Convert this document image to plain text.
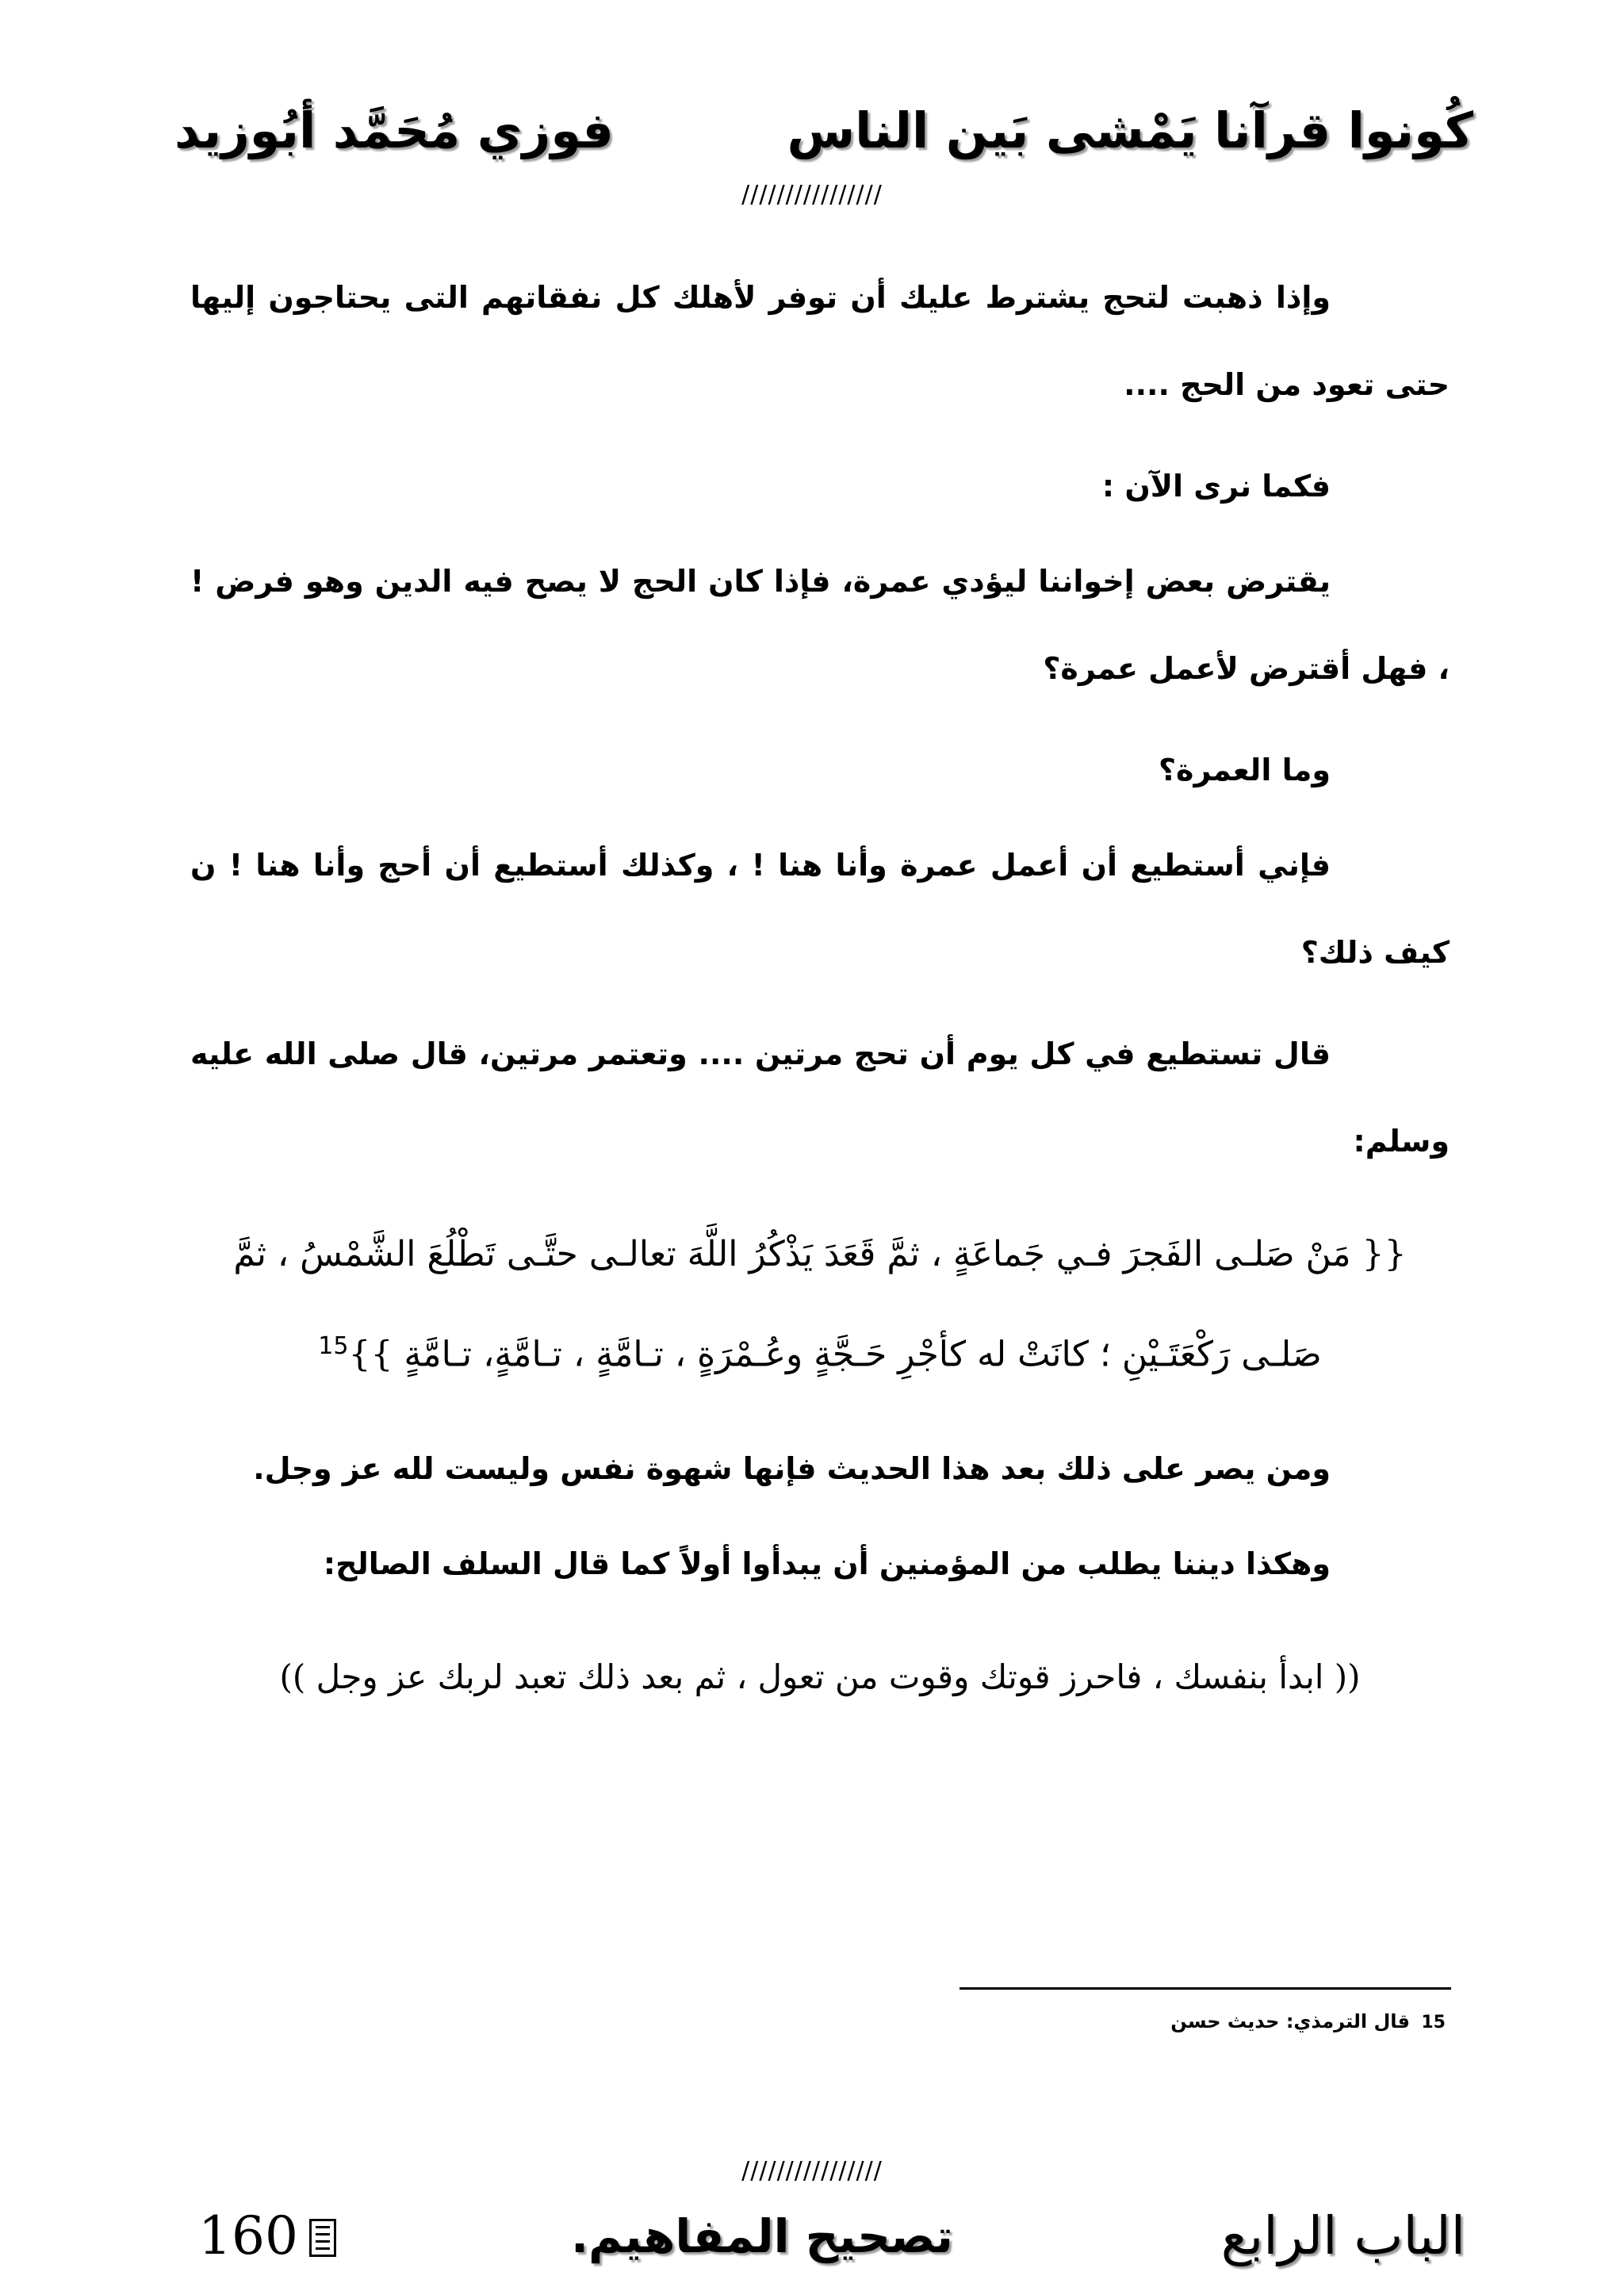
كُونوا قرآنا يَمْشى بَين الناس
فوزي مُحَمَّد أبُوزيد
////////////////

وإذا ذهبت لتحج يشترط عليك أن توفر لأهلك كل نفقاتهم التى يحتاجون إليها حتى تعود من الحج ....

فكما نرى الآن :

يقترض بعض إخواننا ليؤدي عمرة، فإذا كان الحج لا يصح فيه الدين وهو فرض ! ، فهل أقترض لأعمل عمرة؟

وما العمرة؟

فإني أستطيع أن أعمل عمرة وأنا هنا ! ، وكذلك أستطيع أن أحج وأنا هنا ! ن كيف ذلك؟

قال تستطيع في كل يوم أن تحج مرتين .... وتعتمر مرتين، قال صلى الله عليه وسلم:

{{ مَنْ صَلـى الفَجرَ فـي جَماعَةٍ ، ثمَّ قَعَدَ يَذْكُرُ اللَّهَ تعالـى حتَّـى تَطْلُعَ الشَّمْسُ ، ثمَّ صَلـى رَكْعَتَـيْنِ ؛ كانَتْ له كأجْرِ حَـجَّةٍ وعُـمْرَةٍ ، تـامَّةٍ ، تـامَّةٍ، تـامَّةٍ }}$^{15}$

ومن يصر على ذلك بعد هذا الحديث فإنها شهوة نفس وليست لله عز وجل.

وهكذا ديننا يطلب من المؤمنين أن يبدأوا أولاً كما قال السلف الصالح:

(( ابدأ بنفسك ، فاحرز قوتك وقوت من تعول ، ثم بعد ذلك تعبد لربك عز وجل ))

15 قال الترمذي: حديث حسن
////////////////
الباب الرابع
تصحيح المفاهيم.
160
